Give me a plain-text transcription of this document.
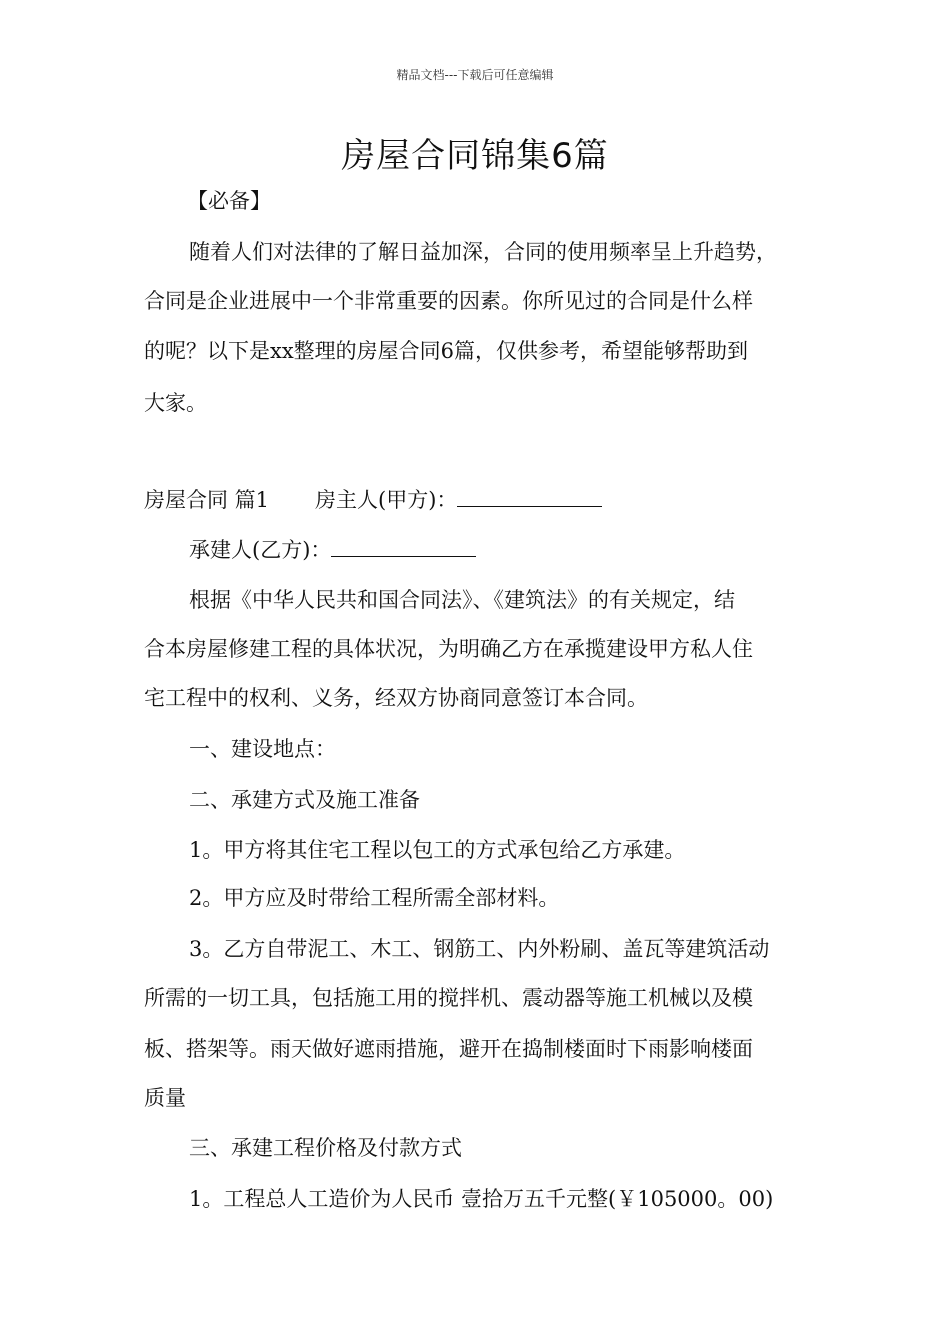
精品文档---下载后可任意编辑
房屋合同锦集6篇
【必备】
随着人们对法律的了解日益加深，合同的使用频率呈上升趋势，
合同是企业进展中一个非常重要的因素。你所见过的合同是什么样
的呢？以下是xx整理的房屋合同6篇，仅供参考，希望能够帮助到
大家。
房屋合同 篇1 房主人(甲方)：
承建人(乙方)：
根据《中华人民共和国合同法》、《建筑法》的有关规定，结
合本房屋修建工程的具体状况，为明确乙方在承揽建设甲方私人住
宅工程中的权利、义务，经双方协商同意签订本合同。
一、建设地点：
二、承建方式及施工准备
1。甲方将其住宅工程以包工的方式承包给乙方承建。
2。甲方应及时带给工程所需全部材料。
3。乙方自带泥工、木工、钢筋工、内外粉刷、盖瓦等建筑活动
所需的一切工具，包括施工用的搅拌机、震动器等施工机械以及模
板、搭架等。雨天做好遮雨措施，避开在捣制楼面时下雨影响楼面
质量
三、承建工程价格及付款方式
1。工程总人工造价为人民币 壹拾万五千元整(￥105000。00)
